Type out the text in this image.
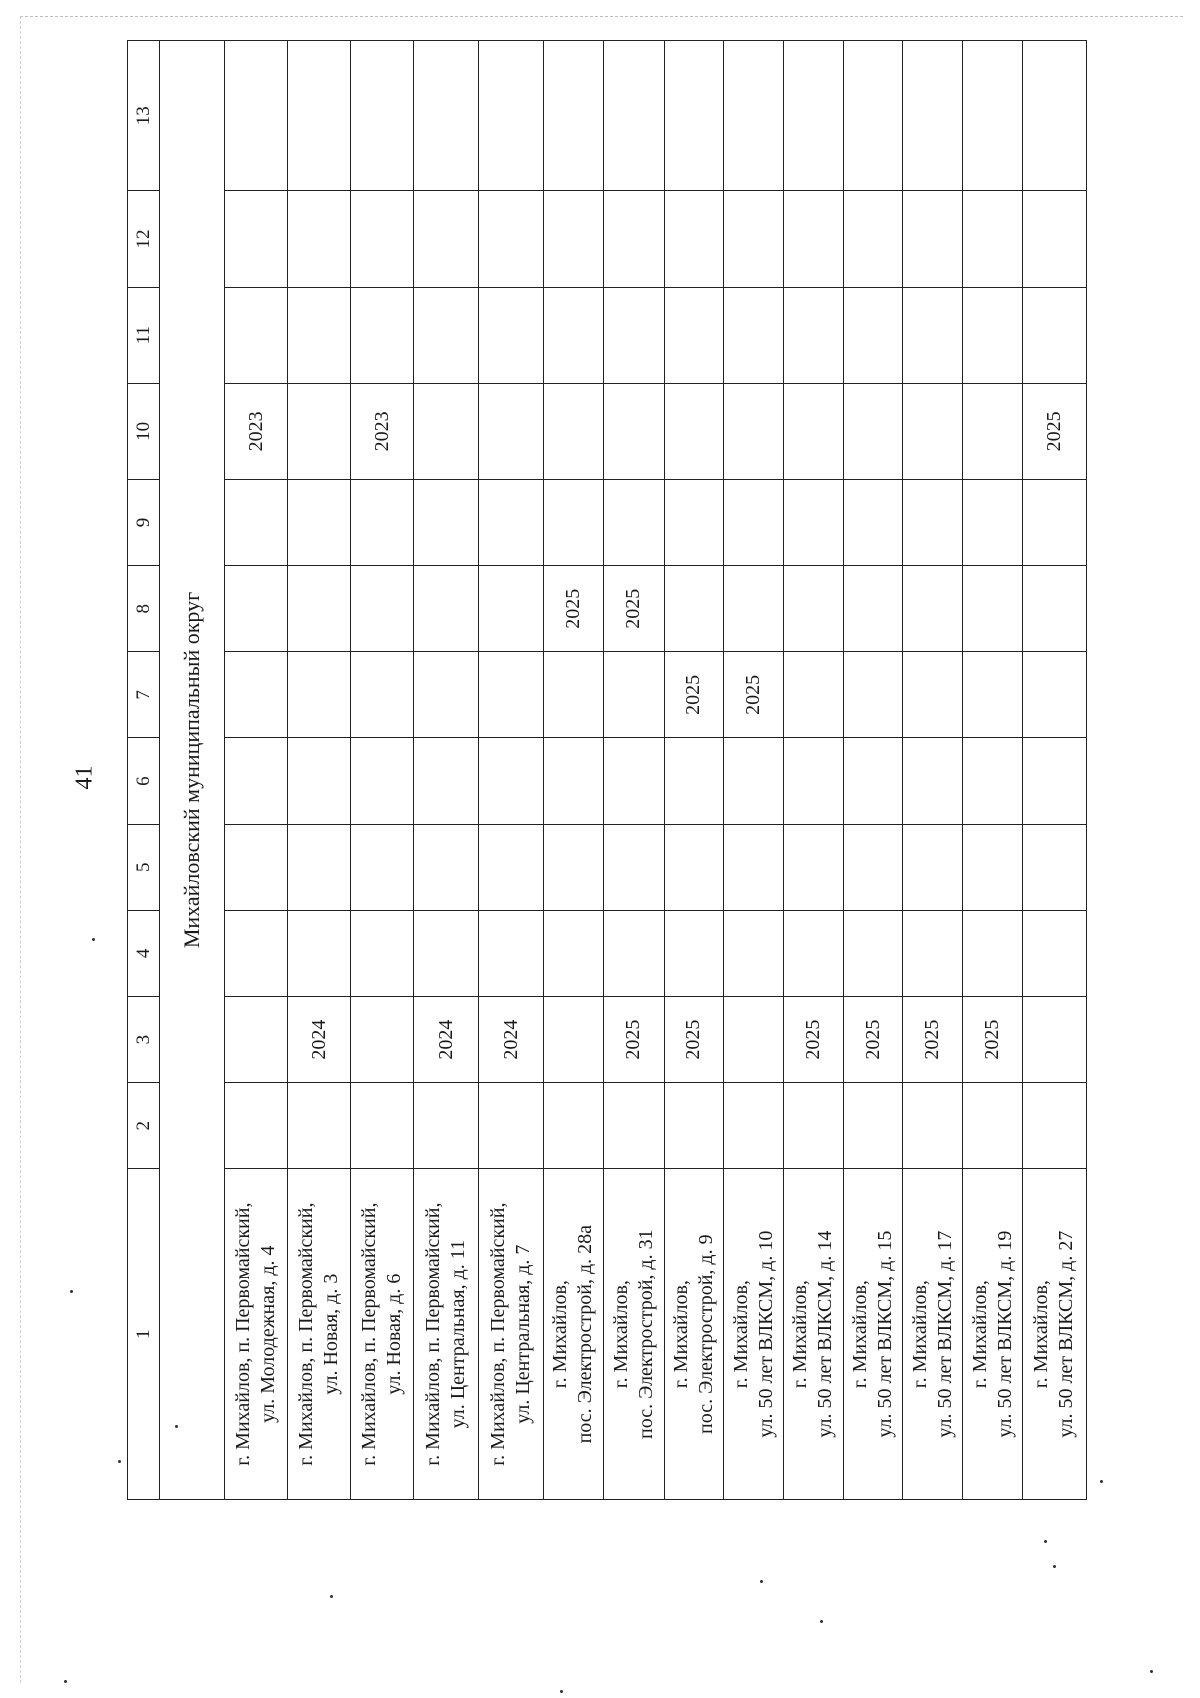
41
1	2	3	4	5	6	7	8	9	10	11	12	13
Михайловский муниципальный округ												

г. Михайлов, п. Первомайский, ул. Молодежная, д. 4									2023			

г. Михайлов, п. Первомайский, ул. Новая, д. 3		2024										

г. Михайлов, п. Первомайский, ул. Новая, д. 6									2023			

г. Михайлов, п. Первомайский, ул. Центральная, д. 11		2024										

г. Михайлов, п. Первомайский, ул. Центральная, д. 7		2024										

г. Михайлов, пос. Электрострой, д. 28а							2025					

г. Михайлов, пос. Электрострой, д. 31		2025					2025					

г. Михайлов, пос. Электрострой, д. 9		2025				2025						

г. Михайлов, ул. 50 лет ВЛКСМ, д. 10						2025						

г. Михайлов, ул. 50 лет ВЛКСМ, д. 14		2025										

г. Михайлов, ул. 50 лет ВЛКСМ, д. 15		2025										

г. Михайлов, ул. 50 лет ВЛКСМ, д. 17		2025										

г. Михайлов, ул. 50 лет ВЛКСМ, д. 19		2025										

г. Михайлов, ул. 50 лет ВЛКСМ, д. 27									2025			
